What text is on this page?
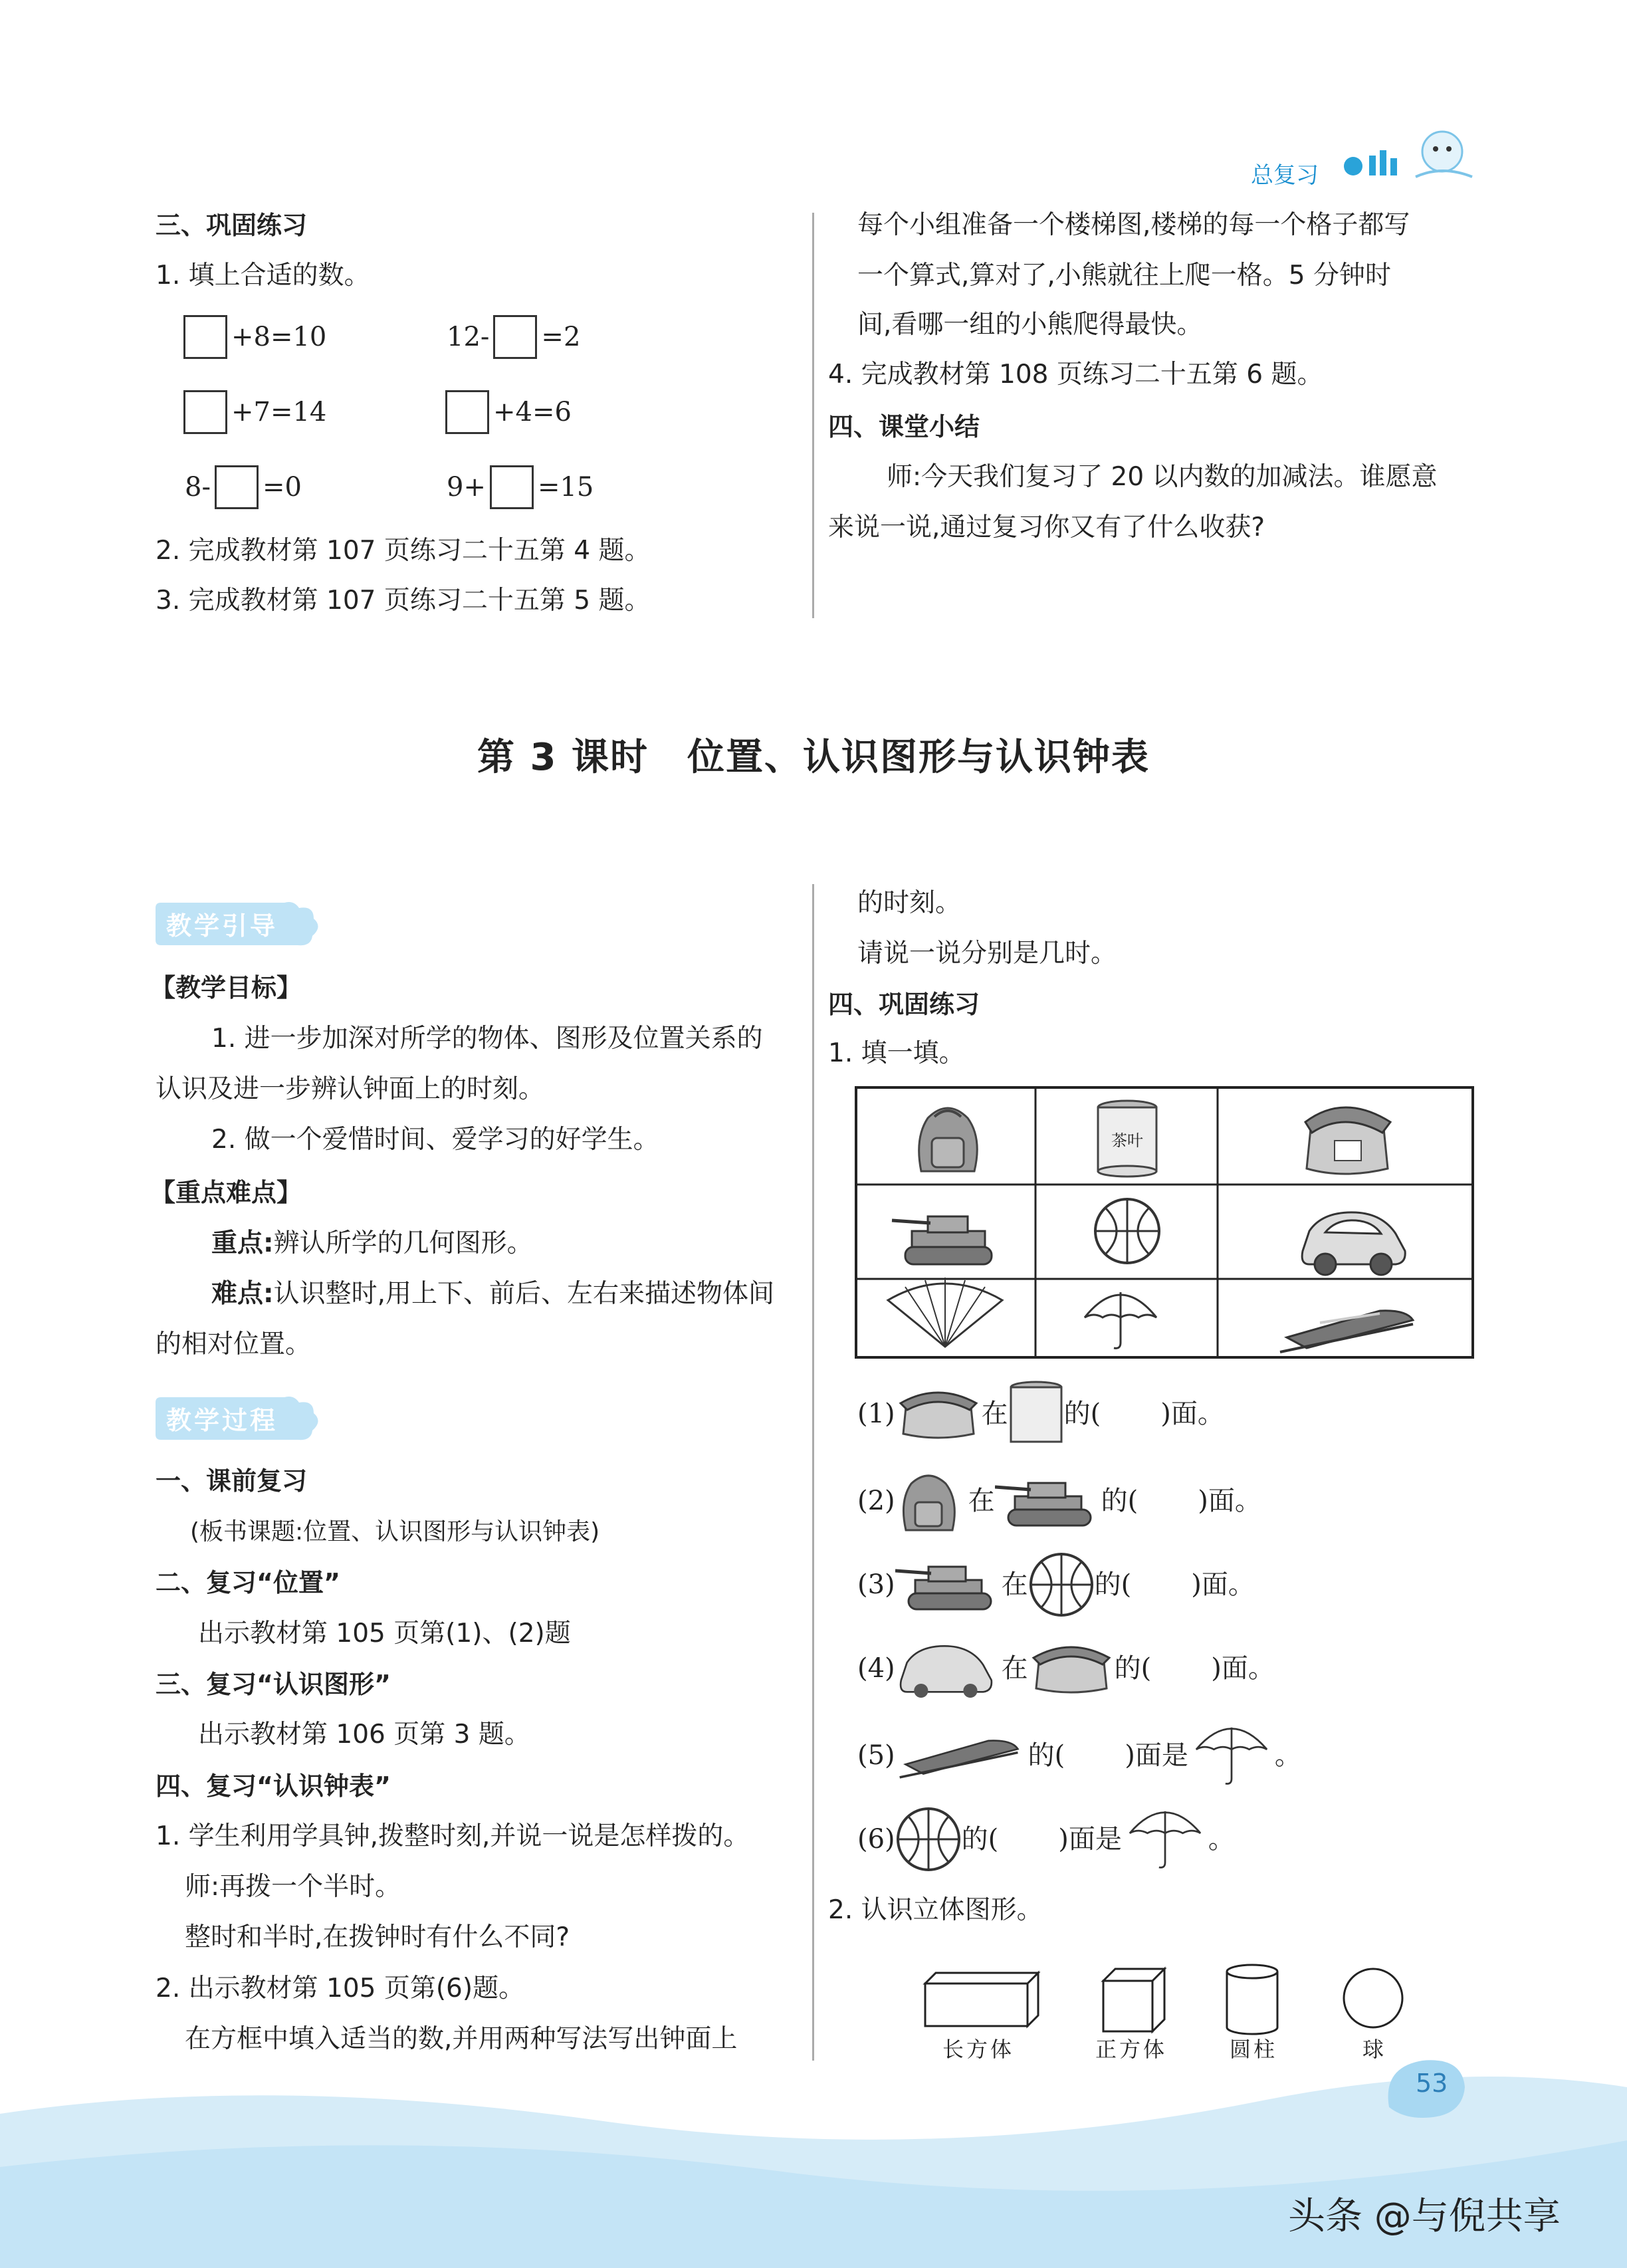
总复习
三、巩固练习
1. 填上合适的数。
+8=10	12- =2
+7=14	+4=6
8- =0	9+ =15
2. 完成教材第 107 页练习二十五第 4 题。
3. 完成教材第 107 页练习二十五第 5 题。
每个小组准备一个楼梯图,楼梯的每一个格子都写
一个算式,算对了,小熊就往上爬一格。5 分钟时
间,看哪一组的小熊爬得最快。
4. 完成教材第 108 页练习二十五第 6 题。
四、课堂小结
师:今天我们复习了 20 以内数的加减法。谁愿意
来说一说,通过复习你又有了什么收获?
第 3 课时　位置、认识图形与认识钟表
教学引导
【教学目标】
1. 进一步加深对所学的物体、图形及位置关系的
认识及进一步辨认钟面上的时刻。
2. 做一个爱惜时间、爱学习的好学生。
【重点难点】
重点:辨认所学的几何图形。
难点:认识整时,用上下、前后、左右来描述物体间
的相对位置。
教学过程
一、课前复习
(板书课题:位置、认识图形与认识钟表)
二、复习“位置”
出示教材第 105 页第(1)、(2)题
三、复习“认识图形”
出示教材第 106 页第 3 题。
四、复习“认识钟表”
1. 学生利用学具钟,拨整时刻,并说一说是怎样拨的。
师:再拨一个半时。
整时和半时,在拨钟时有什么不同?
2. 出示教材第 105 页第(6)题。
在方框中填入适当的数,并用两种写法写出钟面上
的时刻。
请说一说分别是几时。
四、巩固练习
1. 填一填。
茶叶
(1)	在 的( )面。
(2)	在	的( )面。
(3)	在	的( )面。
(4)	在	的( )面。
(5)	的( )面是	。
(6)	的( )面是	。
2. 认识立体图形。
长方体	正方体	圆柱	球
53
头条 @与倪共享
